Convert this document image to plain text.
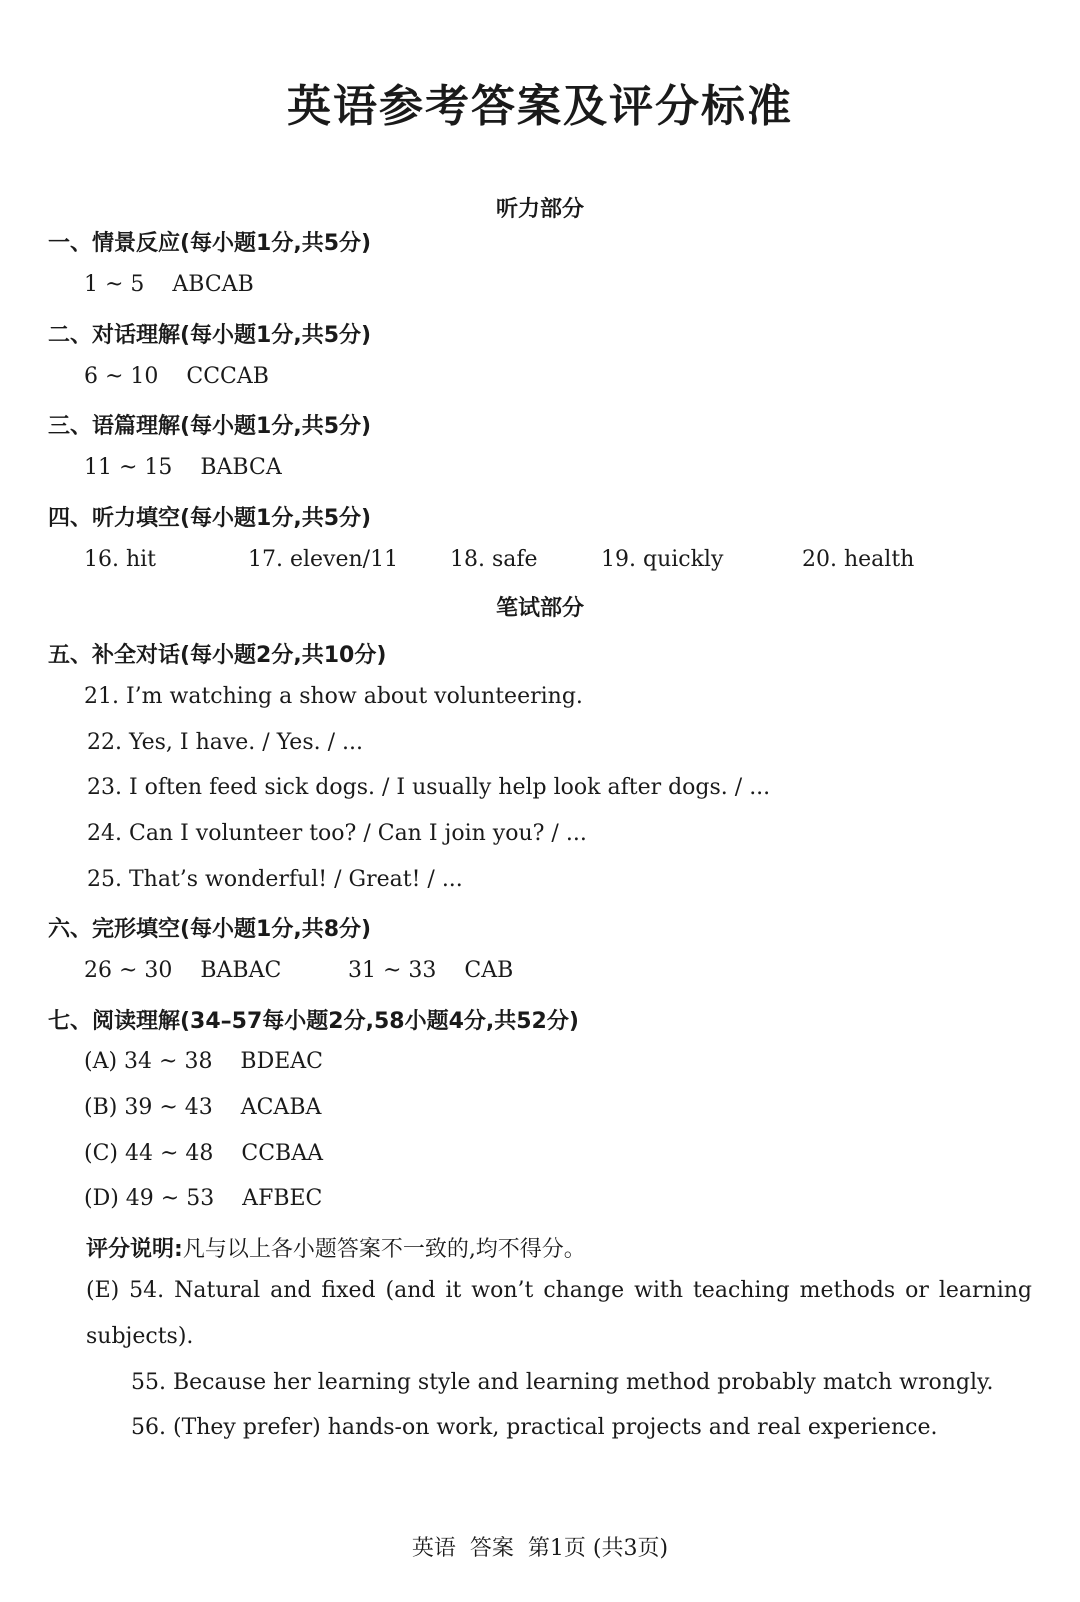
英语参考答案及评分标准
听力部分
一、情景反应(每小题1分,共5分)
1 ~ 5    ABCAB
二、对话理解(每小题1分,共5分)
6 ~ 10    CCCAB
三、语篇理解(每小题1分,共5分)
11 ~ 15    BABCA
四、听力填空(每小题1分,共5分)
16. hit	17. eleven/11 18. safe	19. quickly	20. health
笔试部分
五、补全对话(每小题2分,共10分)
21. I’m watching a show about volunteering.
22. Yes, I have. / Yes. / ...
23. I often feed sick dogs. / I usually help look after dogs. / ...
24. Can I volunteer too? / Can I join you? / ...
25. That’s wonderful! / Great! / ...
六、完形填空(每小题1分,共8分)
26 ~ 30    BABAC	31 ~ 33    CAB
七、阅读理解(34–57每小题2分,58小题4分,共52分)
(A) 34 ~ 38    BDEAC
(B) 39 ~ 43    ACABA
(C) 44 ~ 48    CCBAA
(D) 49 ~ 53    AFBEC
评分说明:凡与以上各小题答案不一致的,均不得分。
(E) 54. Natural and fixed (and it won’t change with teaching methods or learning subjects).
55. Because her learning style and learning method probably match wrongly.
56. (They prefer) hands-on work, practical projects and real experience.
英语  答案  第1页 (共3页)
